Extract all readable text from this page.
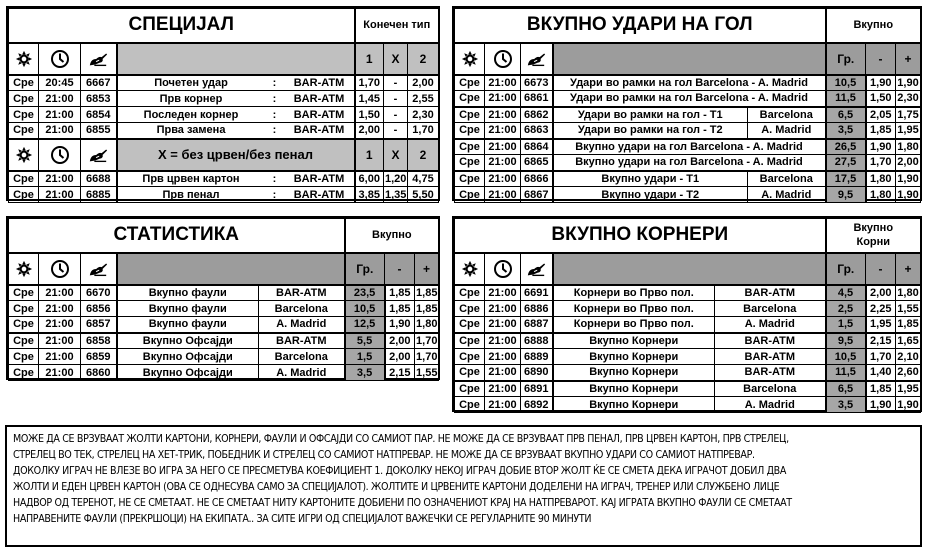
СПЕЦИЈАЛ						Конечен тип		

		1	X	2
Сре	20:45	6667	Почетен удар	:	BAR-ATM	1,70	-	2,00
Сре	21:00	6853	Прв корнер	:	BAR-ATM	1,45	-	2,55
Сре	21:00	6854	Последен корнер	:	BAR-ATM	1,50	-	2,30
Сре	21:00	6855	Прва замена	:	BAR-ATM	2,00	-	1,70

	X = без црвен/без пенал			1	X	2
Сре	21:00	6688	Прв црвен картон	:	BAR-ATM	6,00	1,20	4,75
Сре	21:00	6885	Прв пенал	:	BAR-ATM	3,85	1,35	5,50
ВКУПНО УДАРИ НА ГОЛ					Вкупно		

		Гр.	-	+
Сре	21:00	6673	Удари во рамки на гол Barcelona - A. Madrid		10,5	1,90	1,90
Сре	21:00	6861	Удари во рамки на гол Barcelona - A. Madrid		11,5	1,50	2,30
Сре	21:00	6862	Удари во рамки на гол - Т1	Barcelona	6,5	2,05	1,75
Сре	21:00	6863	Удари во рамки на гол - Т2	A. Madrid	3,5	1,85	1,95
Сре	21:00	6864	Вкупно удари на гол Barcelona - A. Madrid		26,5	1,90	1,80
Сре	21:00	6865	Вкупно удари на гол Barcelona - A. Madrid		27,5	1,70	2,00
Сре	21:00	6866	Вкупно удари - Т1	Barcelona	17,5	1,80	1,90
Сре	21:00	6867	Вкупно удари - Т2	A. Madrid	9,5	1,80	1,90
СТАТИСТИКА					Вкупно		

		Гр.	-	+
Сре	21:00	6670	Вкупно фаули	BAR-ATM	23,5	1,85	1,85
Сре	21:00	6856	Вкупно фаули	Barcelona	10,5	1,85	1,85
Сре	21:00	6857	Вкупно фаули	A. Madrid	12,5	1,90	1,80
Сре	21:00	6858	Вкупно Офсајди	BAR-ATM	5,5	2,00	1,70
Сре	21:00	6859	Вкупно Офсајди	Barcelona	1,5	2,00	1,70
Сре	21:00	6860	Вкупно Офсајди	A. Madrid	3,5	2,15	1,55
ВКУПНО КОРНЕРИ					Вкупно
Корни		

		Гр.	-	+
Сре	21:00	6691	Корнери во Прво пол.	BAR-ATM	4,5	2,00	1,80
Сре	21:00	6886	Корнери во Прво пол.	Barcelona	2,5	2,25	1,55
Сре	21:00	6887	Корнери во Прво пол.	A. Madrid	1,5	1,95	1,85
Сре	21:00	6888	Вкупно Корнери	BAR-ATM	9,5	2,15	1,65
Сре	21:00	6889	Вкупно Корнери	BAR-ATM	10,5	1,70	2,10
Сре	21:00	6890	Вкупно Корнери	BAR-ATM	11,5	1,40	2,60
Сре	21:00	6891	Вкупно Корнери	Barcelona	6,5	1,85	1,95
Сре	21:00	6892	Вкупно Корнери	A. Madrid	3,5	1,90	1,90
МОЖЕ ДА СЕ ВРЗУВААТ ЖОЛТИ КАРТОНИ, КОРНЕРИ, ФАУЛИ И ОФСАЈДИ СО САМИОТ ПАР. НЕ МОЖЕ ДА СЕ ВРЗУВААТ ПРВ ПЕНАЛ, ПРВ ЦРВЕН КАРТОН, ПРВ СТРЕЛЕЦ,
СТРЕЛЕЦ ВО ТЕК, СТРЕЛЕЦ НА ХЕТ-ТРИК, ПОБЕДНИК И СТРЕЛЕЦ СО САМИОТ НАТПРЕВАР. НЕ МОЖЕ ДА СЕ ВРЗУВААТ ВКУПНО УДАРИ СО САМИОТ НАТПРЕВАР.
ДОКОЛКУ ИГРАЧ НЕ ВЛЕЗЕ ВО ИГРА ЗА НЕГО СЕ ПРЕСМЕТУВА КОЕФИЦИЕНТ 1. ДОКОЛКУ НЕКОЈ ИГРАЧ ДОБИЕ ВТОР ЖОЛТ ЌЕ СЕ СМЕТА ДЕКА ИГРАЧОТ ДОБИЛ ДВА
ЖОЛТИ И ЕДЕН ЦРВЕН КАРТОН (ОВА СЕ ОДНЕСУВА САМО ЗА СПЕЦИЈАЛОТ). ЖОЛТИТЕ И ЦРВЕНИТЕ КАРТОНИ ДОДЕЛЕНИ НА ИГРАЧ, ТРЕНЕР ИЛИ СЛУЖБЕНО ЛИЦЕ
НАДВОР ОД ТЕРЕНОТ, НЕ СЕ СМЕТААТ. НЕ СЕ СМЕТААТ НИТУ КАРТОНИТЕ ДОБИЕНИ ПО ОЗНАЧЕНИОТ КРАЈ НА НАТПРЕВАРОТ. КАЈ ИГРАТА ВКУПНО ФАУЛИ СЕ СМЕТААТ
НАПРАВЕНИТЕ ФАУЛИ (ПРЕКРШОЦИ) НА ЕКИПАТА.. ЗА СИТЕ ИГРИ ОД СПЕЦИЈАЛОТ ВАЖЕЧКИ СЕ РЕГУЛАРНИТЕ 90 МИНУТИ
